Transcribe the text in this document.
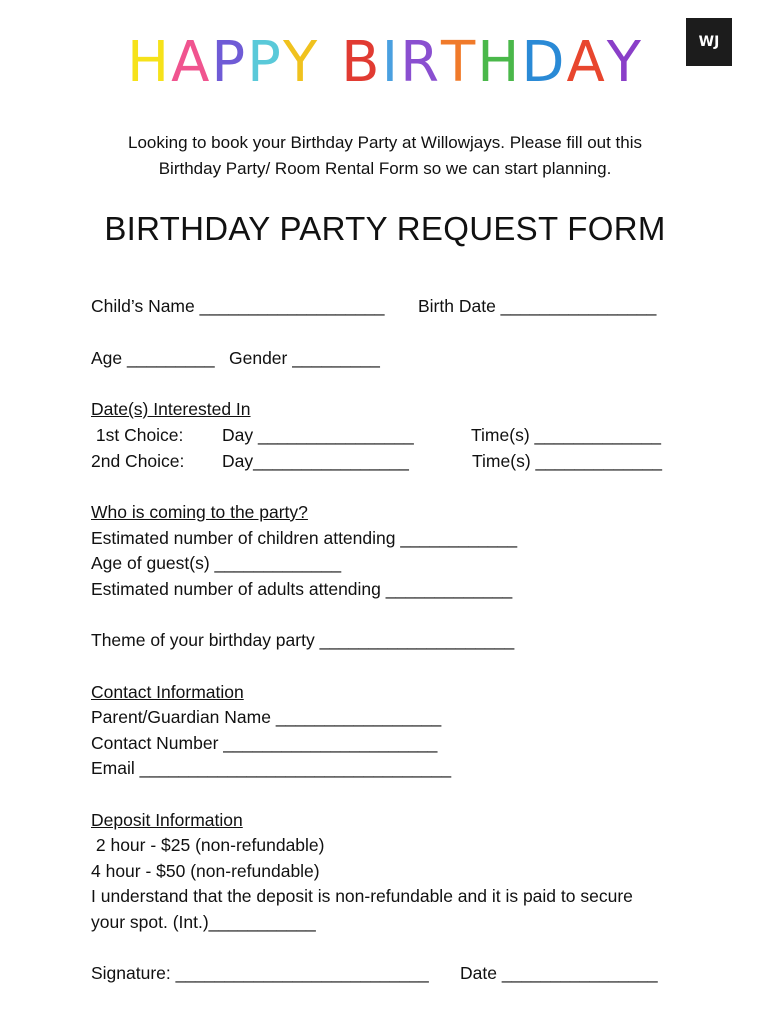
HAPPY BIRTHDAY	WJ
Looking to book your Birthday Party at Willowjays. Please fill out this
Birthday Party/ Room Rental Form so we can start planning.
BIRTHDAY PARTY REQUEST FORM
Child’s Name ___________________ Birth Date ________________
Age _________ Gender _________
Date(s) Interested In
1st Choice: Day ________________	Time(s) _____________
2nd Choice: Day________________	Time(s) _____________
Who is coming to the party?
Estimated number of children attending ____________
Age of guest(s) _____________
Estimated number of adults attending _____________
Theme of your birthday party ____________________
Contact Information
Parent/Guardian Name _________________
Contact Number ______________________
Email ________________________________
Deposit Information
2 hour - $25 (non-refundable)
4 hour - $50 (non-refundable)
I understand that the deposit is non-refundable and it is paid to secure
your spot. (Int.)___________
Signature: __________________________ Date ________________
